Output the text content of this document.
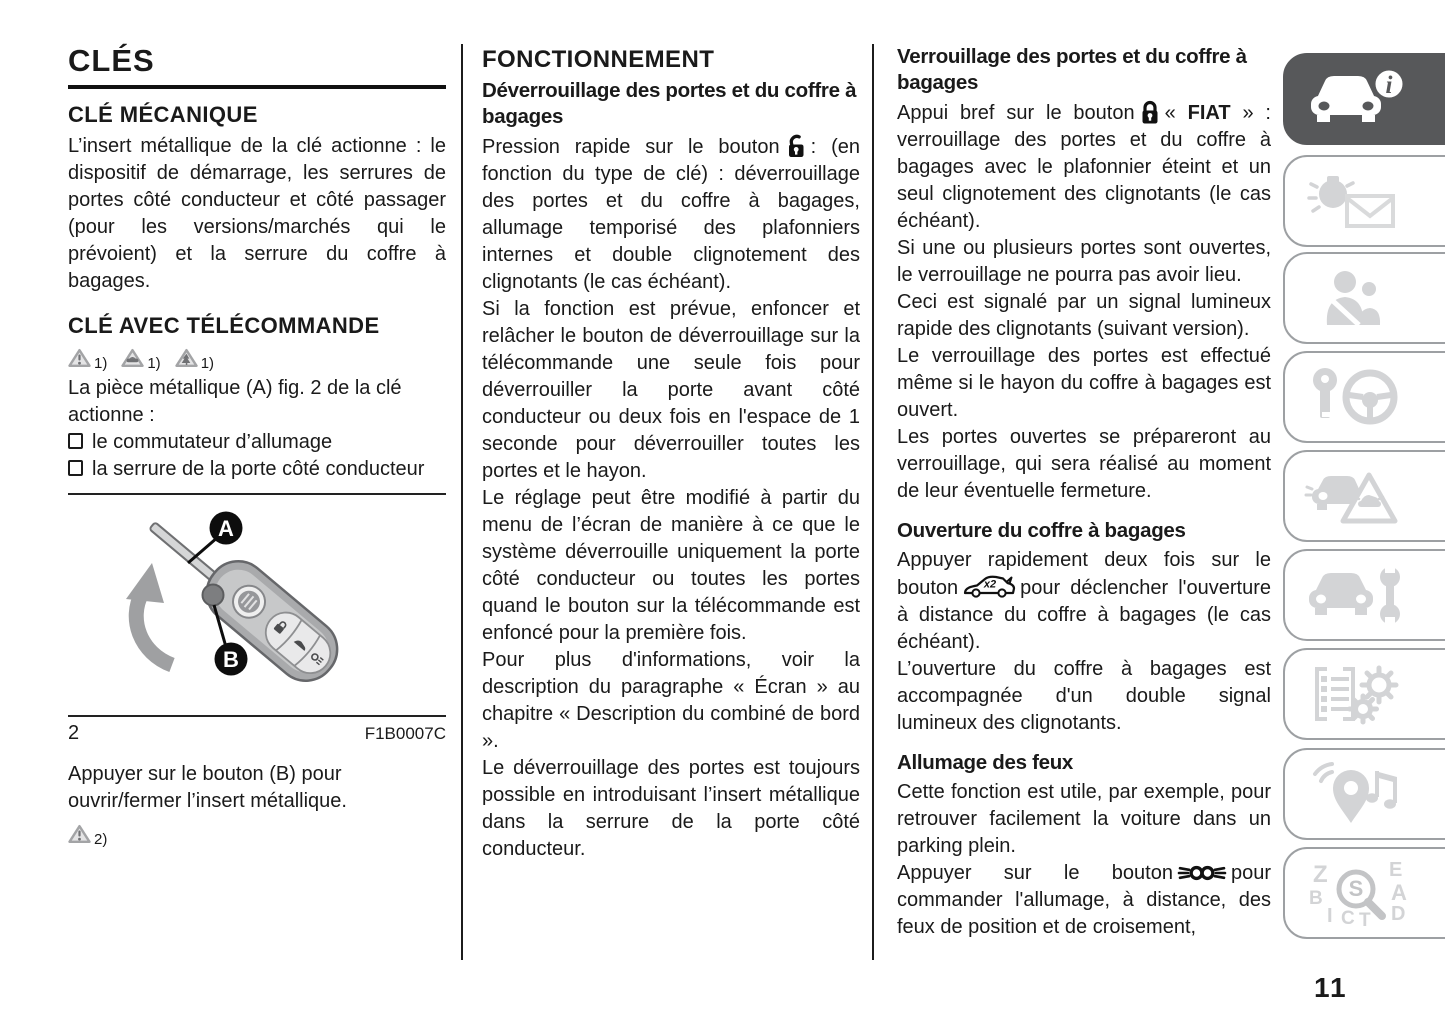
CLÉS
CLÉ MÉCANIQUE

L’insert métallique de la clé actionne : le dispositif de démarrage, les serrures de portes côté conducteur et côté passager (pour les versions/marchés qui le prévoient) et la serrure du coffre à bagages.

CLÉ AVEC TÉLÉCOMMANDE
1)	1)	1)

La pièce métallique (A) fig. 2 de la clé actionne :

le commutateur d’allumage

la serrure de la porte côté conducteur

A
B
2	F1B0007C

Appuyer sur le bouton (B) pour ouvrir/fermer l’insert métallique.

2)
FONCTIONNEMENT
Déverrouillage des portes et du coffre à bagages

Pression rapide sur le bouton : (en fonction du type de clé) : déverrouillage des portes et du coffre à bagages, allumage temporisé des plafonniers internes et double clignotement des clignotants (le cas échéant).

Si la fonction est prévue, enfoncer et relâcher le bouton de déverrouillage sur la télécommande une seule fois pour déverrouiller la porte avant côté conducteur ou deux fois en l'espace de 1 seconde pour déverrouiller toutes les portes et le hayon.

Le réglage peut être modifié à partir du menu de l’écran de manière à ce que le système déverrouille uniquement la porte côté conducteur ou toutes les portes quand le bouton sur la télécommande est enfoncé pour la première fois.

Pour plus d'informations, voir la description du paragraphe « Écran » au chapitre « Description du combiné de bord ».

Le déverrouillage des portes est toujours possible en introduisant l’insert métallique dans la serrure de la porte côté conducteur.

Verrouillage des portes et du coffre à bagages

Appui bref sur le bouton « FIAT » : verrouillage des portes et du coffre à bagages avec le plafonnier éteint et un seul clignotement des clignotants (le cas échéant).

Si une ou plusieurs portes sont ouvertes, le verrouillage ne pourra pas avoir lieu.

Ceci est signalé par un signal lumineux rapide des clignotants (suivant version).

Le verrouillage des portes est effectué même si le hayon du coffre à bagages est ouvert.

Les portes ouvertes se prépareront au verrouillage, qui sera réalisé au moment de leur éventuelle fermeture.

Ouverture du coffre à bagages

Appuyer rapidement deux fois sur le bouton x2 pour déclencher l'ouverture à distance du coffre à bagages (le cas échéant).

L’ouverture du coffre à bagages est accompagnée d'un double signal lumineux des clignotants.

Allumage des feux

Cette fonction est utile, par exemple, pour retrouver facilement la voiture dans un parking plein.

Appuyer sur le bouton	pour commander l'allumage, à distance, des feux de position et de croisement,

i
Z	E
B	A
I C T D
S
11
